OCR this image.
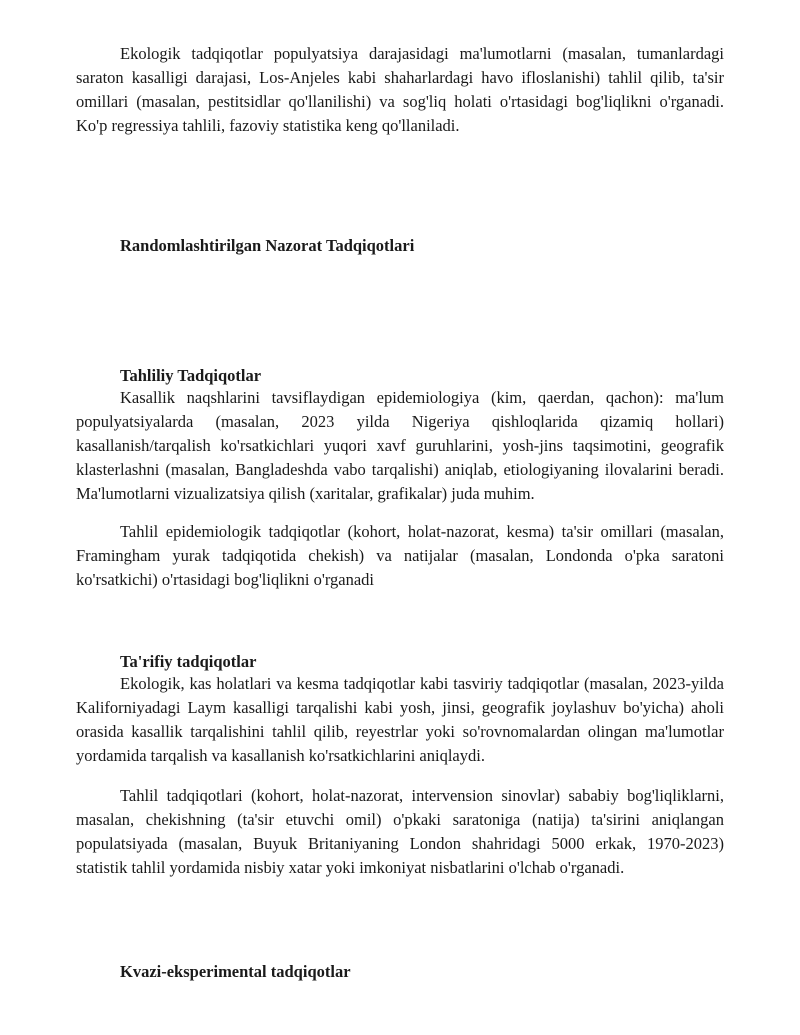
Ekologik tadqiqotlar populyatsiya darajasidagi ma'lumotlarni (masalan, tumanlardagi saraton kasalligi darajasi, Los-Anjeles kabi shaharlardagi havo ifloslanishi) tahlil qilib, ta'sir omillari (masalan, pestitsidlar qo'llanilishi) va sog'liq holati o'rtasidagi bog'liqlikni o'rganadi. Ko'p regressiya tahlili, fazoviy statistika keng qo'llaniladi.

Randomlashtirilgan Nazorat Tadqiqotlari
Tahliliy Tadqiqotlar

Kasallik naqshlarini tavsiflaydigan epidemiologiya (kim, qaerdan, qachon): ma'lum populyatsiyalarda (masalan, 2023 yilda Nigeriya qishloqlarida qizamiq hollari) kasallanish/tarqalish ko'rsatkichlari yuqori xavf guruhlarini, yosh-jins taqsimotini, geografik klasterlashni (masalan, Bangladeshda vabo tarqalishi) aniqlab, etiologiyaning ilovalarini beradi. Ma'lumotlarni vizualizatsiya qilish (xaritalar, grafikalar) juda muhim.

Tahlil epidemiologik tadqiqotlar (kohort, holat-nazorat, kesma) ta'sir omillari (masalan, Framingham yurak tadqiqotida chekish) va natijalar (masalan, Londonda o'pka saratoni ko'rsatkichi) o'rtasidagi bog'liqlikni o'rganadi

Ta'rifiy tadqiqotlar

Ekologik, kas holatlari va kesma tadqiqotlar kabi tasviriy tadqiqotlar (masalan, 2023-yilda Kaliforniyadagi Laym kasalligi tarqalishi kabi yosh, jinsi, geografik joylashuv bo'yicha) aholi orasida kasallik tarqalishini tahlil qilib, reyestrlar yoki so'rovnomalardan olingan ma'lumotlar yordamida tarqalish va kasallanish ko'rsatkichlarini aniqlaydi.

Tahlil tadqiqotlari (kohort, holat-nazorat, intervension sinovlar) sababiy bog'liqliklarni, masalan, chekishning (ta'sir etuvchi omil) o'pkaki saratoniga (natija) ta'sirini aniqlangan populatsiyada (masalan, Buyuk Britaniyaning London shahridagi 5000 erkak, 1970-2023) statistik tahlil yordamida nisbiy xatar yoki imkoniyat nisbatlarini o'lchab o'rganadi.

Kvazi-eksperimental tadqiqotlar
